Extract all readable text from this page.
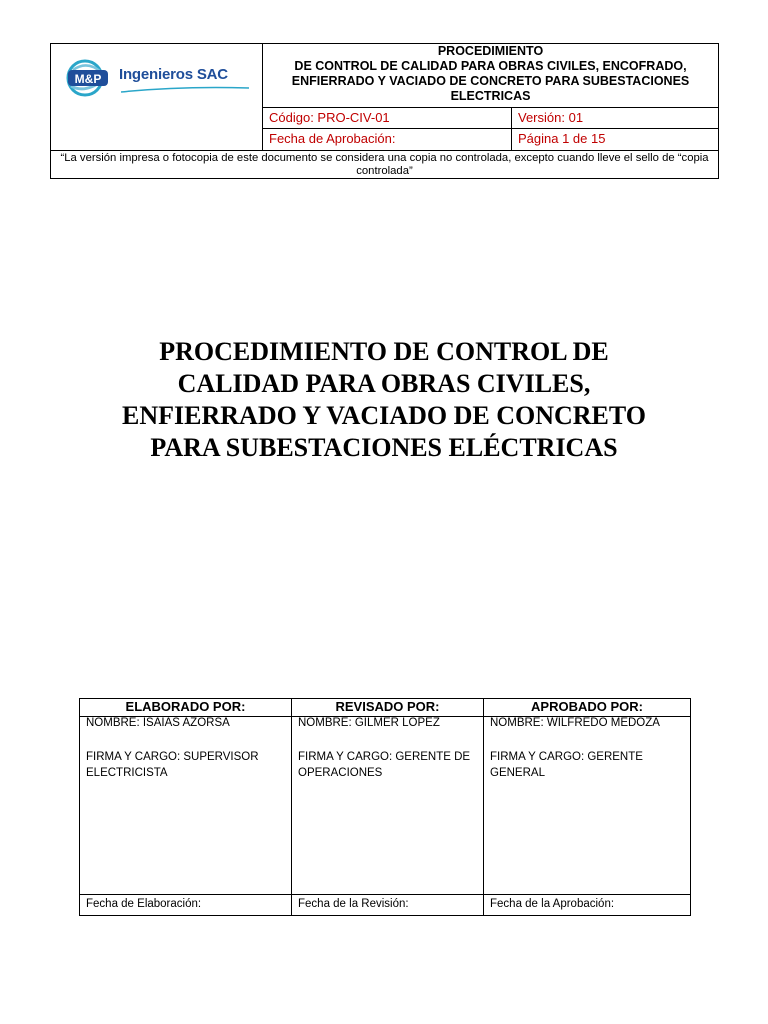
M&P Ingenieros SAC
PROCEDIMIENTO
DE CONTROL DE CALIDAD PARA OBRAS CIVILES, ENCOFRADO, ENFIERRADO Y VACIADO DE CONCRETO PARA SUBESTACIONES ELECTRICAS
Código: PRO-CIV-01	Versión: 01
Fecha de Aprobación:	Página 1 de 15
“La versión impresa o fotocopia de este documento se considera una copia no controlada, excepto cuando lleve el sello de “copia controlada”
PROCEDIMIENTO DE CONTROL DE
CALIDAD PARA OBRAS CIVILES,
ENFIERRADO Y VACIADO DE CONCRETO
PARA SUBESTACIONES ELÉCTRICAS
ELABORADO POR:
NOMBRE: ISAIAS AZORSA
FIRMA Y CARGO: SUPERVISOR ELECTRICISTA
Fecha de Elaboración:
REVISADO POR:
NOMBRE: GILMER LOPEZ
FIRMA Y CARGO: GERENTE DE OPERACIONES
Fecha de la Revisión:
APROBADO POR:
NOMBRE: WILFREDO MEDOZA
FIRMA Y CARGO: GERENTE GENERAL
Fecha de la Aprobación:
